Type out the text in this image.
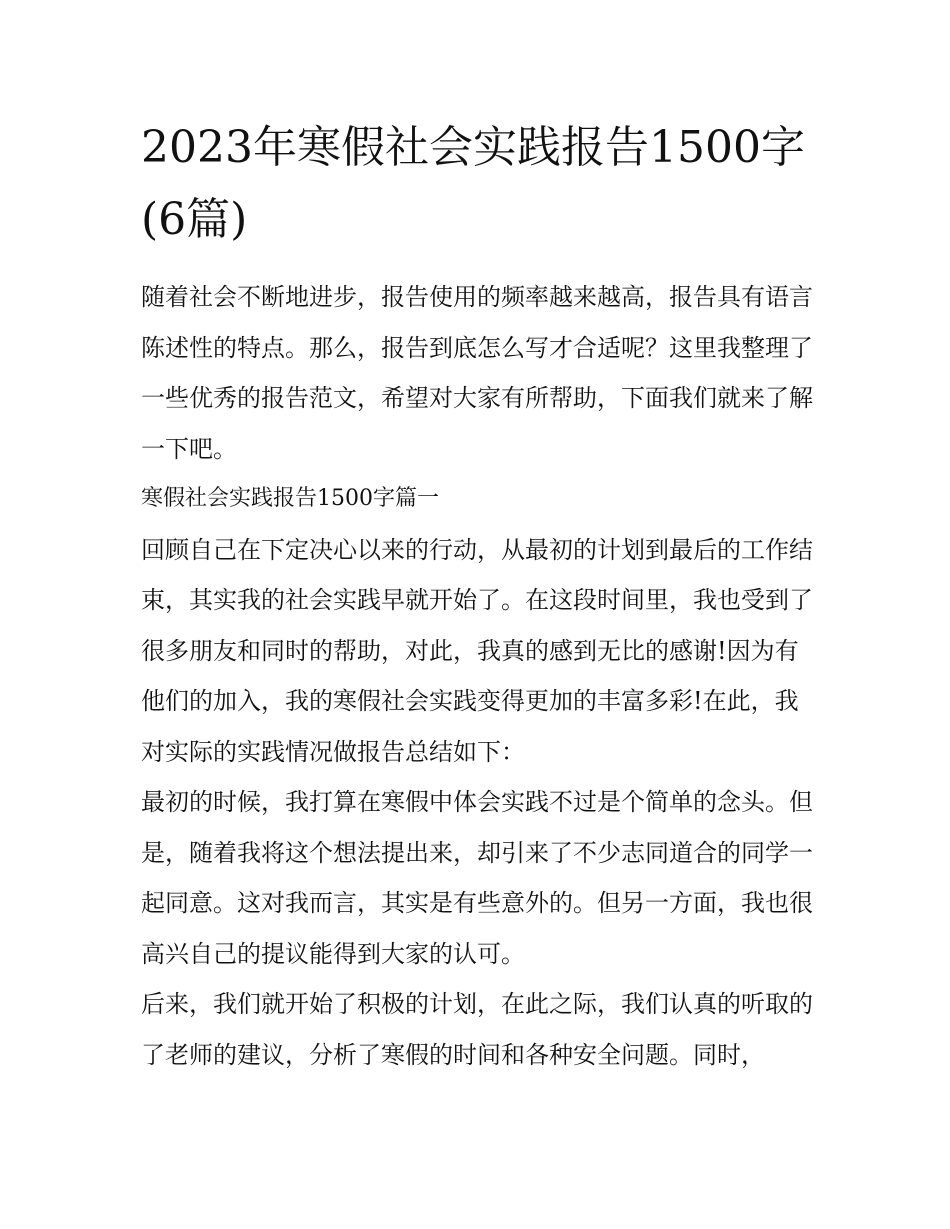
2023年寒假社会实践报告1500字(6篇)

随着社会不断地进步，报告使用的频率越来越高，报告具有语言陈述性的特点。那么，报告到底怎么写才合适呢？这里我整理了一些优秀的报告范文，希望对大家有所帮助，下面我们就来了解一下吧。

寒假社会实践报告1500字篇一

回顾自己在下定决心以来的行动，从最初的计划到最后的工作结束，其实我的社会实践早就开始了。在这段时间里，我也受到了很多朋友和同时的帮助，对此，我真的感到无比的感谢!因为有他们的加入，我的寒假社会实践变得更加的丰富多彩!在此，我对实际的实践情况做报告总结如下：

最初的时候，我打算在寒假中体会实践不过是个简单的念头。但是，随着我将这个想法提出来，却引来了不少志同道合的同学一起同意。这对我而言，其实是有些意外的。但另一方面，我也很高兴自己的提议能得到大家的认可。

后来，我们就开始了积极的计划，在此之际，我们认真的听取的了老师的建议，分析了寒假的时间和各种安全问题。同时，
